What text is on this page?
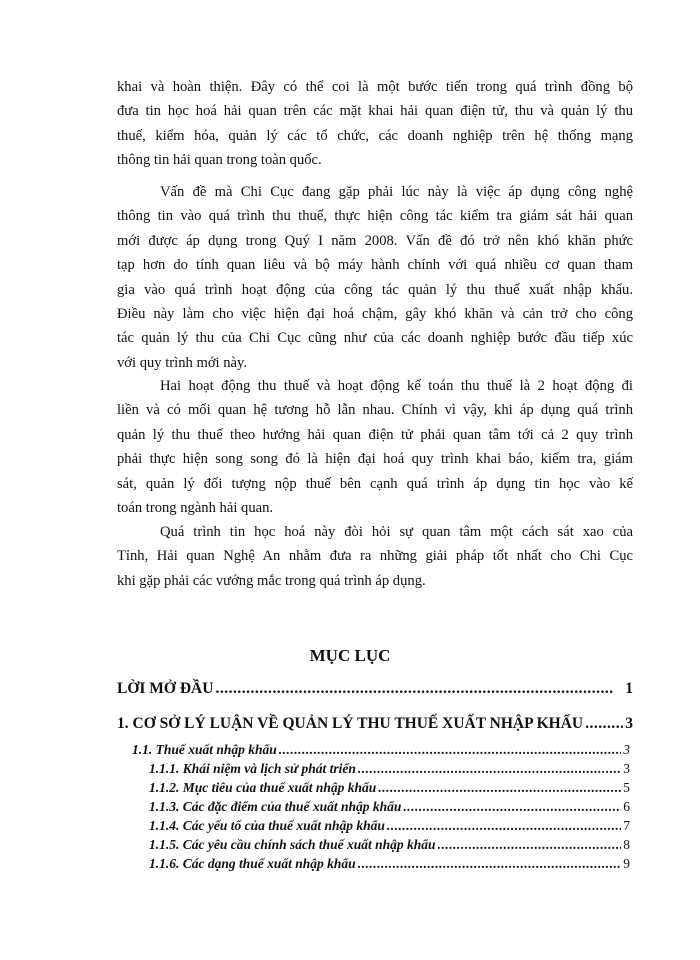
khai và hoàn thiện. Đây có thể coi là một bước tiến trong quá trình đồng bộ
đưa tin học hoá hải quan trên các mặt khai hải quan điện tử, thu và quản lý thu
thuế, kiểm hóa, quản lý các tổ chức, các doanh nghiệp trên hệ thống mạng
thông tin hải quan trong toàn quốc.

Vấn đề mà Chi Cục đang gặp phải lúc này là việc áp dụng công nghệ
thông tin vào quá trình thu thuế, thực hiện công tác kiểm tra giám sát hải quan
mới được áp dụng trong Quý I năm 2008. Vấn đề đó trở nên khó khăn phức
tạp hơn do tính quan liêu và bộ máy hành chính với quá nhiều cơ quan tham
gia vào quá trình hoạt động của công tác quản lý thu thuế xuất nhập khẩu.
Điều này làm cho việc hiện đại hoá chậm, gây khó khăn và cản trở cho công
tác quản lý thu của Chi Cục cũng như của các doanh nghiệp bước đầu tiếp xúc
với quy trình mới này.

Hai hoạt động thu thuế và hoạt động kế toán thu thuế là 2 hoạt động đi
liền và có mối quan hệ tương hỗ lẫn nhau. Chính vì vậy, khi áp dụng quá trình
quản lý thu thuế theo hướng hải quan điện tử phải quan tâm tới cả 2 quy trình
phải thực hiện song song đó là hiện đại hoá quy trình khai báo, kiểm tra, giám
sát, quản lý đối tượng nộp thuế bên cạnh quá trình áp dụng tin học vào kế
toán trong ngành hải quan.

Quá trình tin học hoá này đòi hỏi sự quan tâm một cách sát xao của
Tỉnh, Hải quan Nghệ An nhằm đưa ra những giải pháp tốt nhất cho Chi Cục
khi gặp phải các vướng mắc trong quá trình áp dụng.

MỤC LỤC
LỜI MỞ ĐẦU .....	1
1. CƠ SỞ LÝ LUẬN VỀ QUẢN LÝ THU THUẾ XUẤT NHẬP KHẨU .....	3
1.1. Thuế xuất nhập khẩu .....	3
1.1.1. Khái niệm và lịch sử phát triển .....	3
1.1.2. Mục tiêu của thuế xuất nhập khẩu .....	5
1.1.3. Các đặc điểm của thuế xuất nhập khẩu .....	6
1.1.4. Các yếu tố của thuế xuất nhập khẩu .....	7
1.1.5. Các yêu cầu chính sách thuế xuất nhập khẩu .....	8
1.1.6. Các dạng thuế xuất nhập khẩu .....	9
